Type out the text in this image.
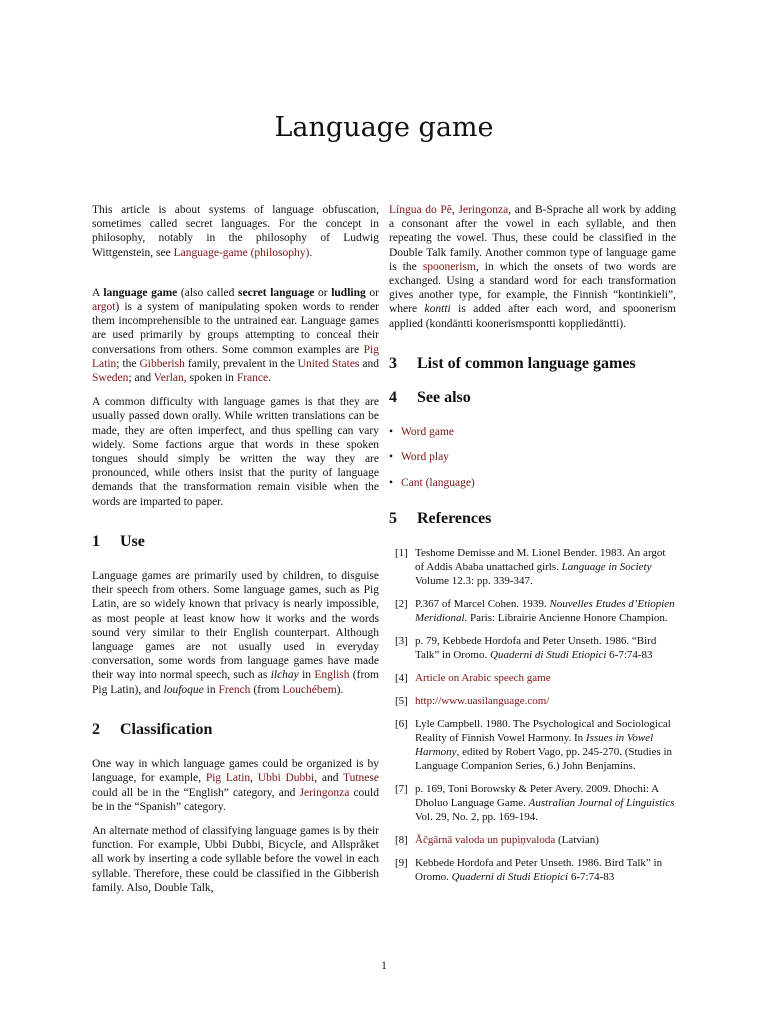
Language game

This article is about systems of language obfuscation, sometimes called secret languages. For the concept in philosophy, notably in the philosophy of Ludwig Wittgenstein, see Language-game (philosophy).

A language game (also called secret language or ludling or argot) is a system of manipulating spoken words to render them incomprehensible to the untrained ear. Language games are used primarily by groups attempting to conceal their conversations from others. Some common examples are Pig Latin; the Gibberish family, prevalent in the United States and Sweden; and Verlan, spoken in France.

A common difficulty with language games is that they are usually passed down orally. While written translations can be made, they are often imperfect, and thus spelling can vary widely. Some factions argue that words in these spoken tongues should simply be written the way they are pronounced, while others insist that the purity of language demands that the transformation remain visible when the words are imparted to paper.

1 Use

Language games are primarily used by children, to disguise their speech from others. Some language games, such as Pig Latin, are so widely known that privacy is nearly impossible, as most people at least know how it works and the words sound very similar to their English counterpart. Although language games are not usually used in everyday conversation, some words from language games have made their way into normal speech, such as ilchay in English (from Pig Latin), and loufoque in French (from Louchébem).

2 Classification

One way in which language games could be organized is by language, for example, Pig Latin, Ubbi Dubbi, and Tutnese could all be in the “English” category, and Jeringonza could be in the “Spanish” category.

An alternate method of classifying language games is by their function. For example, Ubbi Dubbi, Bicycle, and Allspråket all work by inserting a code syllable before the vowel in each syllable. Therefore, these could be classified in the Gibberish family. Also, Double Talk,

Língua do Pê, Jeringonza, and B-Sprache all work by adding a consonant after the vowel in each syllable, and then repeating the vowel. Thus, these could be classified in the Double Talk family. Another common type of language game is the spoonerism, in which the onsets of two words are exchanged. Using a standard word for each transformation gives another type, for example, the Finnish “kontinkieli”, where kontti is added after each word, and spoonerism applied (kondäntti koonerismspontti koppliedäntti).

3 List of common language games
4 See also
• Word game
• Word play
• Cant (language)
5 References
[1] Teshome Demisse and M. Lionel Bender. 1983. An argot of Addis Ababa unattached girls. Language in Society Volume 12.3: pp. 339-347.
[2] P.367 of Marcel Cohen. 1939. Nouvelles Etudes d’Etiopien Meridional. Paris: Librairie Ancienne Honore Champion.
[3] p. 79, Kebbede Hordofa and Peter Unseth. 1986. “Bird Talk” in Oromo. Quaderni di Studi Etiopici 6-7:74-83
[4] Article on Arabic speech game
[5] http://www.uasilanguage.com/
[6] Lyle Campbell. 1980. The Psychological and Sociological Reality of Finnish Vowel Harmony. In Issues in Vowel Harmony, edited by Robert Vago, pp. 245-270. (Studies in Language Companion Series, 6.) John Benjamins.
[7] p. 169, Toni Borowsky & Peter Avery. 2009. Dhochi: A Dholuo Language Game. Australian Journal of Linguistics Vol. 29, No. 2, pp. 169-194.
[8] Ăčgārnā valoda un pupiņvaloda (Latvian)
[9] Kebbede Hordofa and Peter Unseth. 1986. Bird Talk” in Oromo. Quaderni di Studi Etiopici 6-7:74-83
1
